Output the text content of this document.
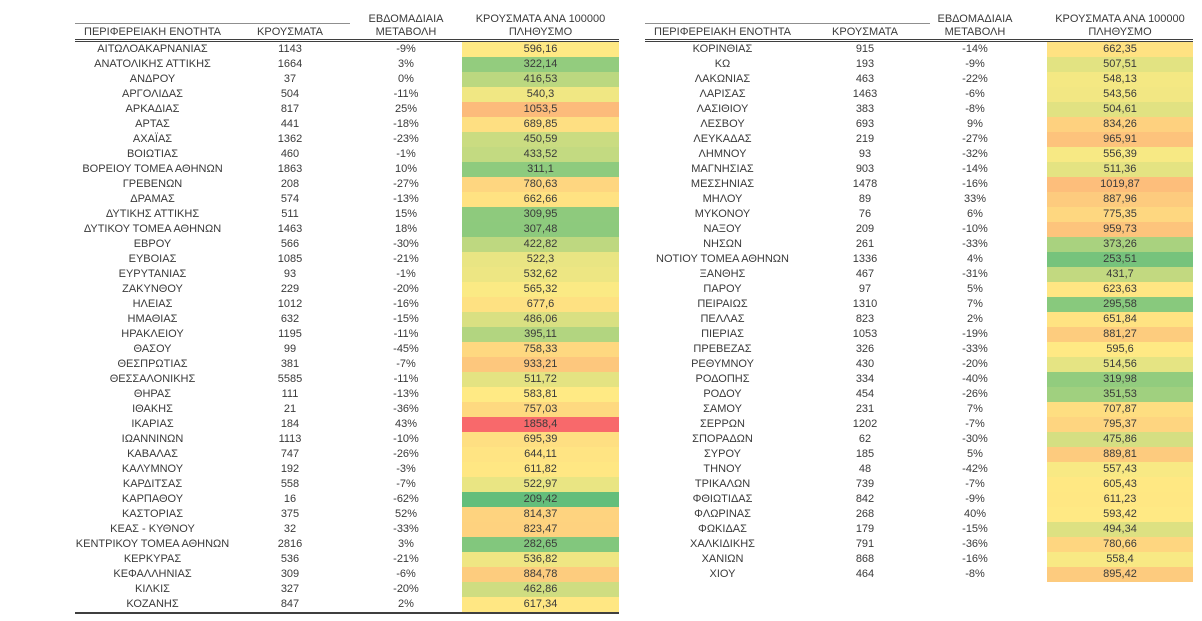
ΠΕΡΙΦΕΡΕΙΑΚΗ ΕΝΟΤΗΤΑ	ΚΡΟΥΣΜΑΤΑ
ΕΒΔΟΜΑΔΙΑΙΑ
ΜΕΤΑΒΟΛΗ
ΚΡΟΥΣΜΑΤΑ ΑΝΑ 100000
ΠΛΗΘΥΣΜΟ
ΑΙΤΩΛΟΑΚΑΡΝΑΝΙΑΣ	1143	-9%	596,16
ΑΝΑΤΟΛΙΚΗΣ ΑΤΤΙΚΗΣ	1664	3%	322,14
ΑΝΔΡΟΥ	37	0%	416,53
ΑΡΓΟΛΙΔΑΣ	504	-11%	540,3
ΑΡΚΑΔΙΑΣ	817	25%	1053,5
ΑΡΤΑΣ	441	-18%	689,85
ΑΧΑΪΑΣ	1362	-23%	450,59
ΒΟΙΩΤΙΑΣ	460	-1%	433,52
ΒΟΡΕΙΟΥ ΤΟΜΕΑ ΑΘΗΝΩΝ	1863	10%	311,1
ΓΡΕΒΕΝΩΝ	208	-27%	780,63
ΔΡΑΜΑΣ	574	-13%	662,66
ΔΥΤΙΚΗΣ ΑΤΤΙΚΗΣ	511	15%	309,95
ΔΥΤΙΚΟΥ ΤΟΜΕΑ ΑΘΗΝΩΝ	1463	18%	307,48
ΕΒΡΟΥ	566	-30%	422,82
ΕΥΒΟΙΑΣ	1085	-21%	522,3
ΕΥΡΥΤΑΝΙΑΣ	93	-1%	532,62
ΖΑΚΥΝΘΟΥ	229	-20%	565,32
ΗΛΕΙΑΣ	1012	-16%	677,6
ΗΜΑΘΙΑΣ	632	-15%	486,06
ΗΡΑΚΛΕΙΟΥ	1195	-11%	395,11
ΘΑΣΟΥ	99	-45%	758,33
ΘΕΣΠΡΩΤΙΑΣ	381	-7%	933,21
ΘΕΣΣΑΛΟΝΙΚΗΣ	5585	-11%	511,72
ΘΗΡΑΣ	111	-13%	583,81
ΙΘΑΚΗΣ	21	-36%	757,03
ΙΚΑΡΙΑΣ	184	43%	1858,4
ΙΩΑΝΝΙΝΩΝ	1113	-10%	695,39
ΚΑΒΑΛΑΣ	747	-26%	644,11
ΚΑΛΥΜΝΟΥ	192	-3%	611,82
ΚΑΡΔΙΤΣΑΣ	558	-7%	522,97
ΚΑΡΠΑΘΟΥ	16	-62%	209,42
ΚΑΣΤΟΡΙΑΣ	375	52%	814,37
ΚΕΑΣ - ΚΥΘΝΟΥ	32	-33%	823,47
ΚΕΝΤΡΙΚΟΥ ΤΟΜΕΑ ΑΘΗΝΩΝ	2816	3%	282,65
ΚΕΡΚΥΡΑΣ	536	-21%	536,82
ΚΕΦΑΛΛΗΝΙΑΣ	309	-6%	884,78
ΚΙΛΚΙΣ	327	-20%	462,86
ΚΟΖΑΝΗΣ	847	2%	617,34
ΠΕΡΙΦΕΡΕΙΑΚΗ ΕΝΟΤΗΤΑ	ΚΡΟΥΣΜΑΤΑ
ΕΒΔΟΜΑΔΙΑΙΑ
ΜΕΤΑΒΟΛΗ
ΚΡΟΥΣΜΑΤΑ ΑΝΑ 100000
ΠΛΗΘΥΣΜΟ
ΚΟΡΙΝΘΙΑΣ	915	-14%	662,35
ΚΩ	193	-9%	507,51
ΛΑΚΩΝΙΑΣ	463	-22%	548,13
ΛΑΡΙΣΑΣ	1463	-6%	543,56
ΛΑΣΙΘΙΟΥ	383	-8%	504,61
ΛΕΣΒΟΥ	693	9%	834,26
ΛΕΥΚΑΔΑΣ	219	-27%	965,91
ΛΗΜΝΟΥ	93	-32%	556,39
ΜΑΓΝΗΣΙΑΣ	903	-14%	511,36
ΜΕΣΣΗΝΙΑΣ	1478	-16%	1019,87
ΜΗΛΟΥ	89	33%	887,96
ΜΥΚΟΝΟΥ	76	6%	775,35
ΝΑΞΟΥ	209	-10%	959,73
ΝΗΣΩΝ	261	-33%	373,26
ΝΟΤΙΟΥ ΤΟΜΕΑ ΑΘΗΝΩΝ	1336	4%	253,51
ΞΑΝΘΗΣ	467	-31%	431,7
ΠΑΡΟΥ	97	5%	623,63
ΠΕΙΡΑΙΩΣ	1310	7%	295,58
ΠΕΛΛΑΣ	823	2%	651,84
ΠΙΕΡΙΑΣ	1053	-19%	881,27
ΠΡΕΒΕΖΑΣ	326	-33%	595,6
ΡΕΘΥΜΝΟΥ	430	-20%	514,56
ΡΟΔΟΠΗΣ	334	-40%	319,98
ΡΟΔΟΥ	454	-26%	351,53
ΣΑΜΟΥ	231	7%	707,87
ΣΕΡΡΩΝ	1202	-7%	795,37
ΣΠΟΡΑΔΩΝ	62	-30%	475,86
ΣΥΡΟΥ	185	5%	889,81
ΤΗΝΟΥ	48	-42%	557,43
ΤΡΙΚΑΛΩΝ	739	-7%	605,43
ΦΘΙΩΤΙΔΑΣ	842	-9%	611,23
ΦΛΩΡΙΝΑΣ	268	40%	593,42
ΦΩΚΙΔΑΣ	179	-15%	494,34
ΧΑΛΚΙΔΙΚΗΣ	791	-36%	780,66
ΧΑΝΙΩΝ	868	-16%	558,4
ΧΙΟΥ	464	-8%	895,42
